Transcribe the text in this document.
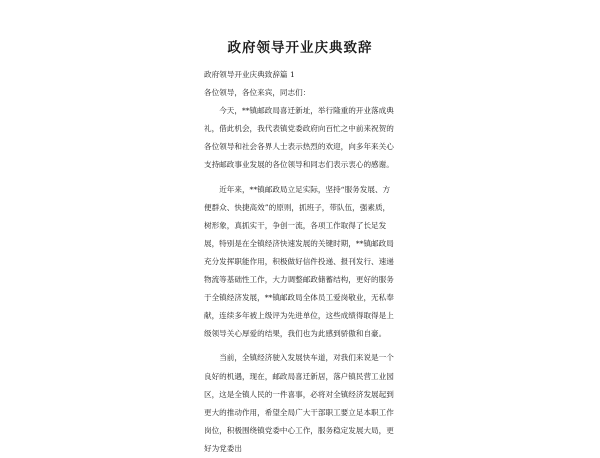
政府领导开业庆典致辞

政府领导开业庆典致辞篇 1

各位领导，各位来宾，同志们：

今天，**镇邮政局喜迁新址，举行隆重的开业落成典礼，借此机会，我代表镇党委政府向百忙之中前来祝贺的各位领导和社会各界人士表示热烈的欢迎，向多年来关心支持邮政事业发展的各位领导和同志们表示衷心的感谢。

近年来，**镇邮政局立足实际，坚持“服务发展、方便群众、快捷高效”的原则，抓班子，带队伍，强素质，树形象，真抓实干，争创一流，各项工作取得了长足发展，特别是在全镇经济快速发展的关键时期，**镇邮政局充分发挥职能作用，积极做好信件投递、报刊发行、速递物流等基础性工作，大力调整邮政储蓄结构，更好的服务于全镇经济发展，**镇邮政局全体员工爱岗敬业，无私奉献，连续多年被上级评为先进单位，这些成绩得取得是上级领导关心厚爱的结果，我们也为此感到骄傲和自豪。

当前，全镇经济驶入发展快车道，对我们来说是一个良好的机遇，现在，邮政局喜迁新居，落户镇民营工业园区，这是全镇人民的一件喜事，必将对全镇经济发展起到更大的推动作用，希望全局广大干部职工要立足本职工作岗位，积极围绕镇党委中心工作，服务稳定发展大局，更好为党委出
